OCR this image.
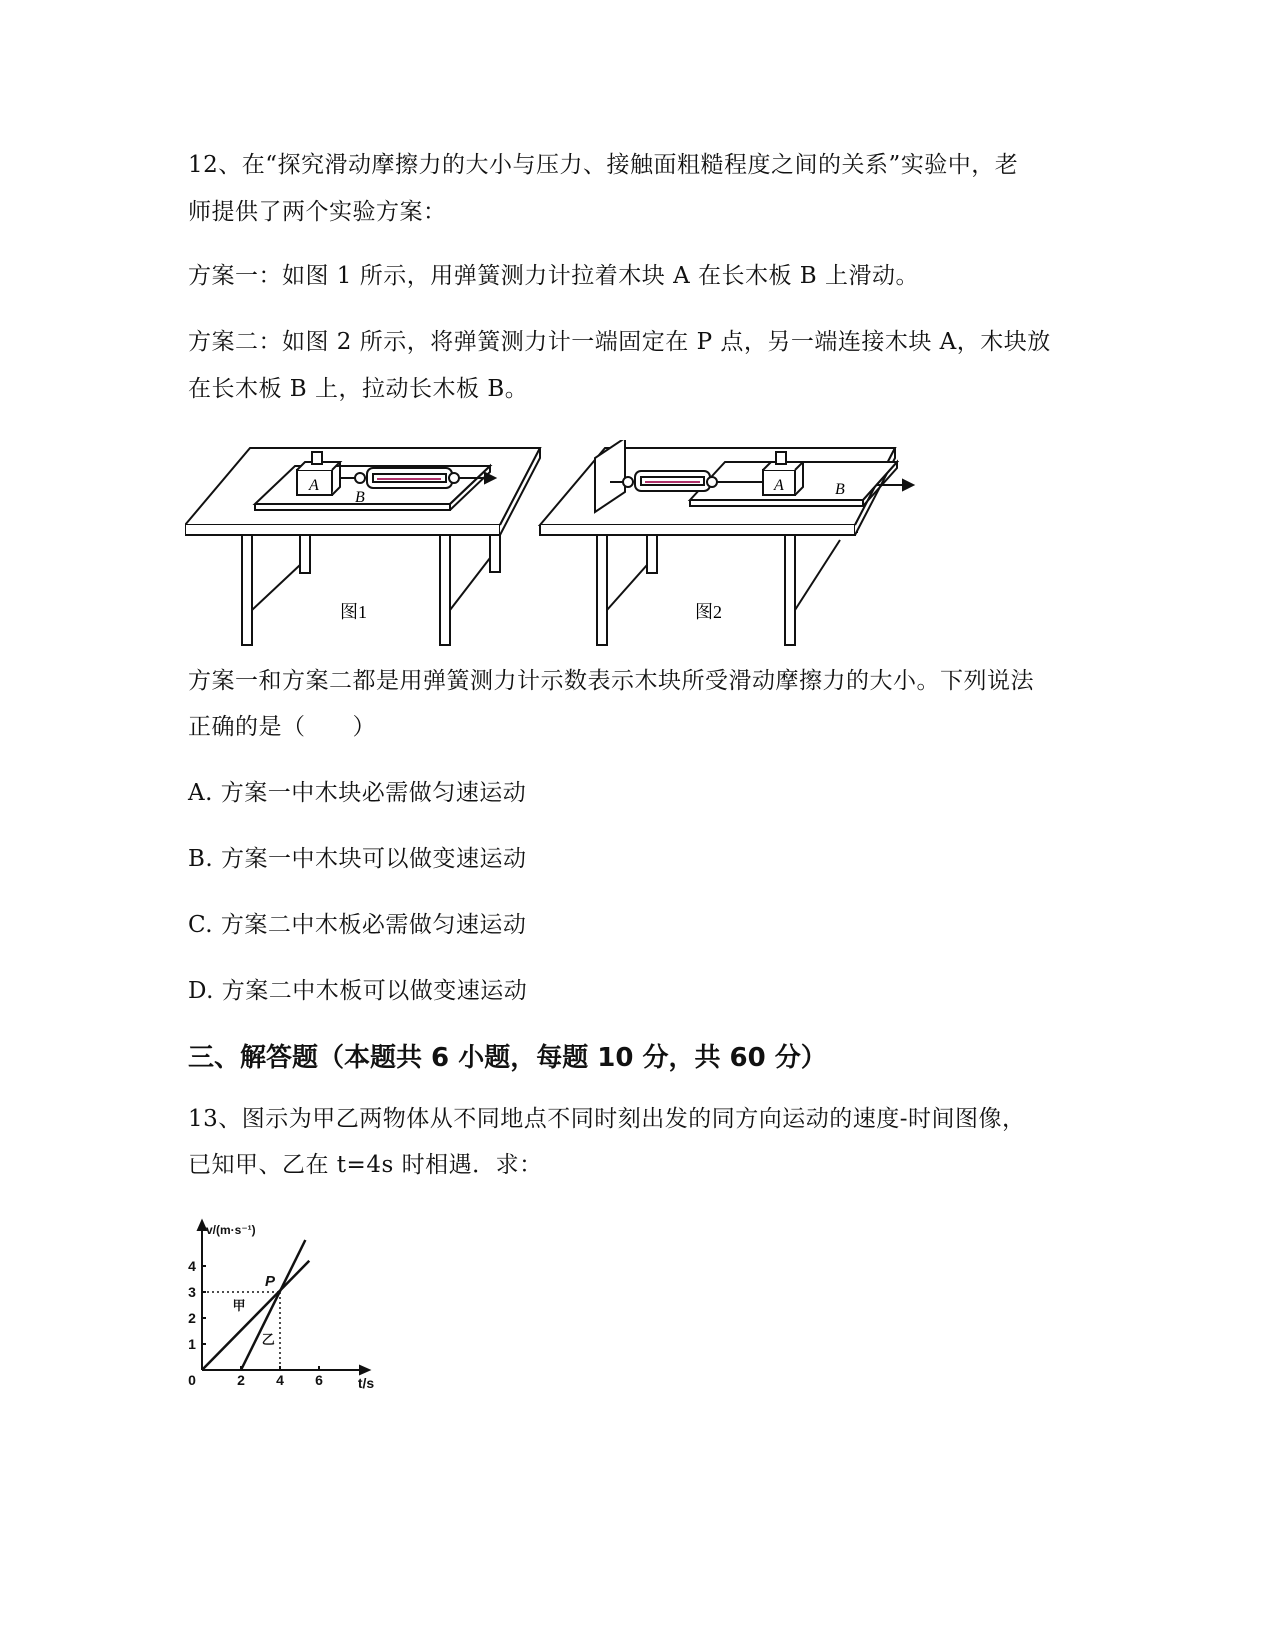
12、在“探究滑动摩擦力的大小与压力、接触面粗糙程度之间的关系”实验中，老
师提供了两个实验方案：
方案一：如图 1 所示，用弹簧测力计拉着木块 A 在长木板 B 上滑动。
方案二：如图 2 所示，将弹簧测力计一端固定在 P 点，另一端连接木块 A，木块放
在长木板 B 上，拉动长木板 B。
A
B
A	B
图1	图2
方案一和方案二都是用弹簧测力计示数表示木块所受滑动摩擦力的大小。下列说法
正确的是（　　）
A. 方案一中木块必需做匀速运动
B. 方案一中木块可以做变速运动
C. 方案二中木板必需做匀速运动
D. 方案二中木板可以做变速运动
三、解答题（本题共 6 小题，每题 10 分，共 60 分）
13、图示为甲乙两物体从不同地点不同时刻出发的同方向运动的速度-时间图像，
已知甲、乙在 t=4s 时相遇．求：
0	2 4 6
1
2
3
4
t/s
v/(m·s⁻¹)
甲
乙
P
